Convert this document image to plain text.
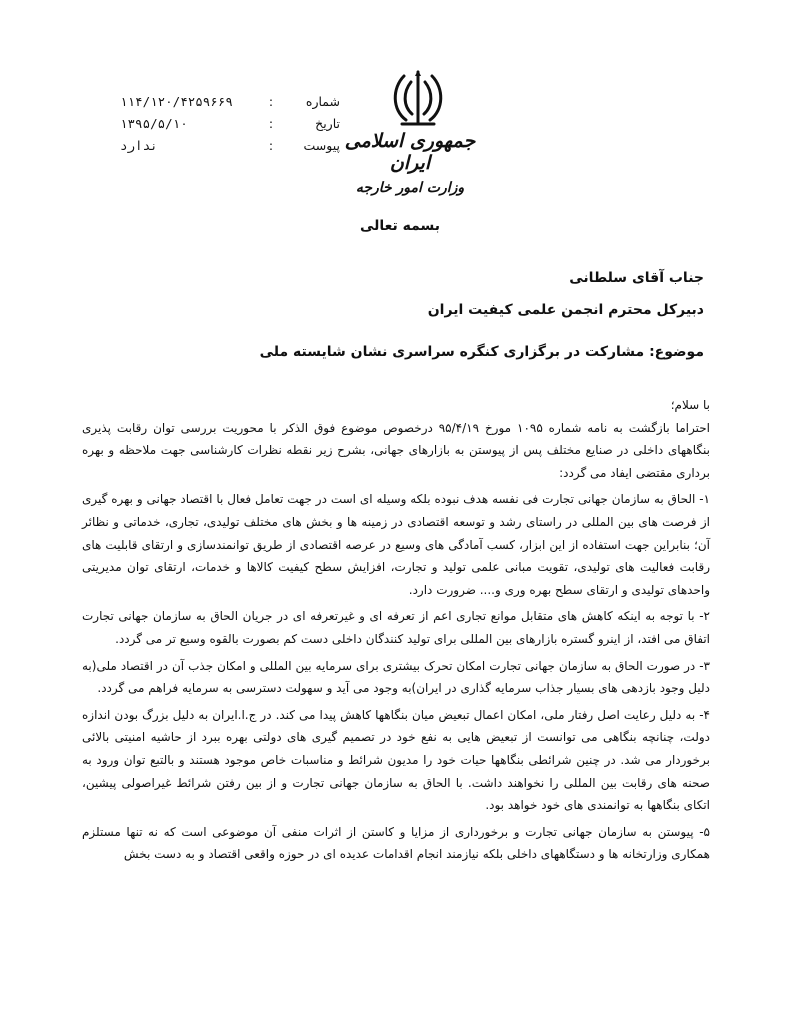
شماره
:
۱۱۴/۱۲۰/۴۲۵۹۶۶۹
تاریخ
:
۱۳۹۵/۵/۱۰
پیوست
:
ندارد	جمهوری اسلامی ایران
وزارت امور خارجه
بسمه تعالی
جناب آقای سلطانی
دبیرکل محترم انجمن علمی کیفیت ایران
موضوع: مشارکت در برگزاری کنگره سراسری نشان شایسته ملی

با سلام؛

احتراما بازگشت به نامه شماره ۱۰۹۵ مورخ ۹۵/۴/۱۹ درخصوص موضوع فوق الذکر با محوریت بررسی توان رقابت پذیری بنگاههای داخلی در صنایع مختلف پس از پیوستن به بازارهای جهانی، بشرح زیر نقطه نظرات کارشناسی جهت ملاحظه و بهره برداری مقتضی ایفاد می گردد:

۱- الحاق به سازمان جهانی تجارت فی نفسه هدف نبوده بلکه وسیله ای است در جهت تعامل فعال با اقتصاد جهانی و بهره گیری از فرصت های بین المللی در راستای رشد و توسعه اقتصادی در زمینه ها و بخش های مختلف تولیدی، تجاری، خدماتی و نظائر آن؛ بنابراین جهت استفاده از این ابزار، کسب آمادگی های وسیع در عرصه اقتصادی از طریق توانمندسازی و ارتقای قابلیت های رقابت فعالیت های تولیدی، تقویت مبانی علمی تولید و تجارت، افزایش سطح کیفیت کالاها و خدمات، ارتقای توان مدیریتی واحدهای تولیدی و ارتقای سطح بهره وری و.... ضرورت دارد.

۲- با توجه به اینکه کاهش های متقابل موانع تجاری اعم از تعرفه ای و غیرتعرفه ای در جریان الحاق به سازمان جهانی تجارت اتفاق می افتد، از اینرو گستره بازارهای بین المللی برای تولید کنندگان داخلی دست کم بصورت بالقوه وسیع تر می گردد.

۳- در صورت الحاق به سازمان جهانی تجارت امکان تحرک بیشتری برای سرمایه بین المللی و امکان جذب آن در اقتصاد ملی(به دلیل وجود بازدهی های بسیار جذاب سرمایه گذاری در ایران)به وجود می آید و سهولت دسترسی به سرمایه فراهم می گردد.

۴- به دلیل رعایت اصل رفتار ملی، امکان اعمال تبعیض میان بنگاهها کاهش پیدا می کند. در ج.ا.ایران به دلیل بزرگ بودن اندازه دولت، چنانچه بنگاهی می توانست از تبعیض هایی به نفع خود در تصمیم گیری های دولتی بهره ببرد از حاشیه امنیتی بالائی برخوردار می شد. در چنین شرائطی بنگاهها حیات خود را مدیون شرائط و مناسبات خاص موجود هستند و بالتبع توان ورود به صحنه های رقابت بین المللی را نخواهند داشت. با الحاق به سازمان جهانی تجارت و از بین رفتن شرائط غیراصولی پیشین، اتکای بنگاهها به توانمندی های خود خواهد بود.

۵- پیوستن به سازمان جهانی تجارت و برخورداری از مزایا و کاستن از اثرات منفی آن موضوعی است که نه تنها مستلزم همکاری وزارتخانه ها و دستگاههای داخلی بلکه نیازمند انجام اقدامات عدیده ای در حوزه واقعی اقتصاد و به دست بخش
